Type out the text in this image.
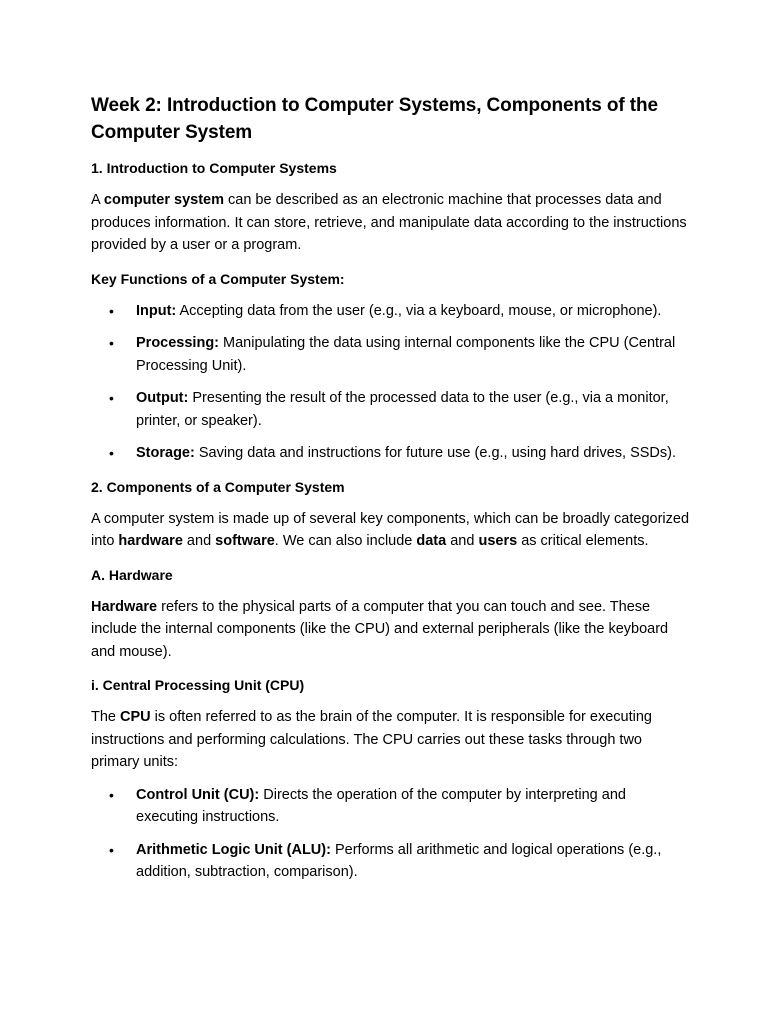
Week 2: Introduction to Computer Systems, Components of the Computer System
1. Introduction to Computer Systems

A computer system can be described as an electronic machine that processes data and produces information. It can store, retrieve, and manipulate data according to the instructions provided by a user or a program.

Key Functions of a Computer System:
• Input: Accepting data from the user (e.g., via a keyboard, mouse, or microphone).
• Processing: Manipulating the data using internal components like the CPU (Central Processing Unit).
• Output: Presenting the result of the processed data to the user (e.g., via a monitor, printer, or speaker).
• Storage: Saving data and instructions for future use (e.g., using hard drives, SSDs).
2. Components of a Computer System

A computer system is made up of several key components, which can be broadly categorized into hardware and software. We can also include data and users as critical elements.

A. Hardware

Hardware refers to the physical parts of a computer that you can touch and see. These include the internal components (like the CPU) and external peripherals (like the keyboard and mouse).

i. Central Processing Unit (CPU)

The CPU is often referred to as the brain of the computer. It is responsible for executing instructions and performing calculations. The CPU carries out these tasks through two primary units:

• Control Unit (CU): Directs the operation of the computer by interpreting and executing instructions.
• Arithmetic Logic Unit (ALU): Performs all arithmetic and logical operations (e.g., addition, subtraction, comparison).
